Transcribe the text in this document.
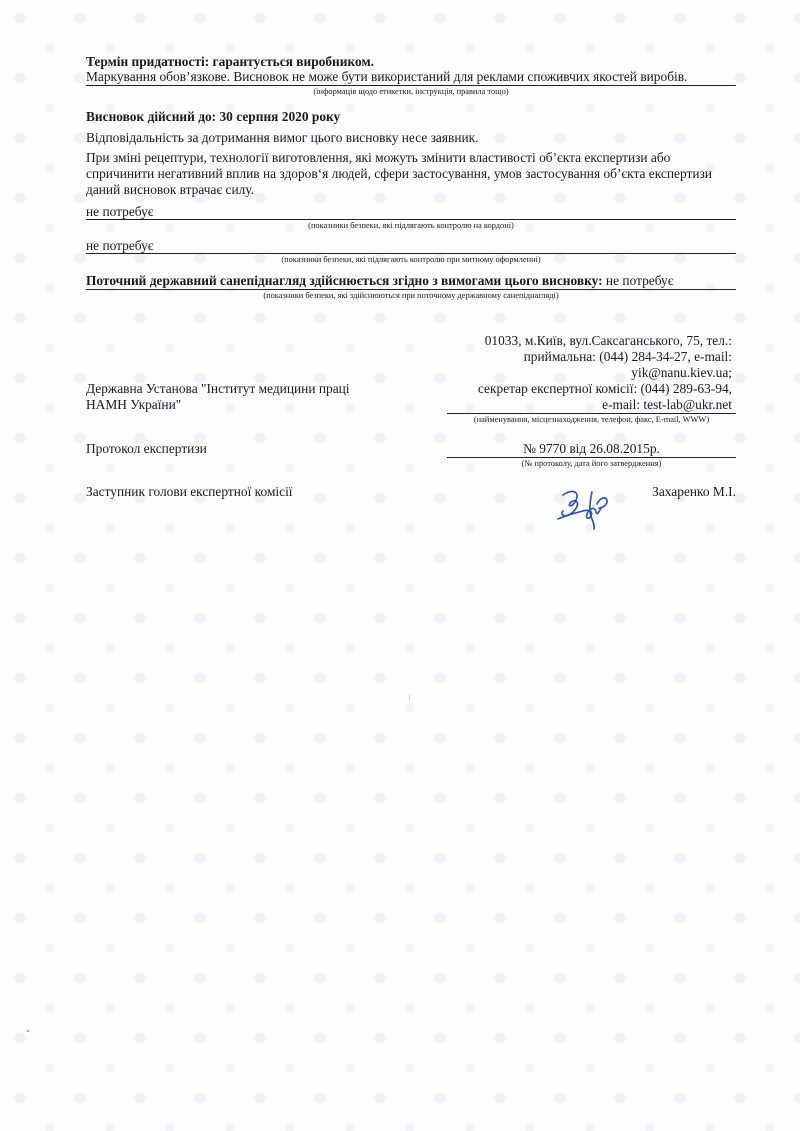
Термін придатності: гарантується виробником.
Маркування обов’язкове. Висновок не може бути використаний для реклами споживчих якостей виробів.
(інформація щодо етикетки, інструкція, правила тощо)
Висновок дійсний до: 30 серпня 2020 року
Відповідальність за дотримання вимог цього висновку несе заявник.
При зміні рецептури, технології виготовлення, які можуть змінити властивості об’єкта експертизи або
спричинити негативний вплив на здоров‘я людей, сфери застосування, умов застосування об’єкта експертизи
даний висновок втрачає силу.
не потребує
(показники безпеки, які підлягають контролю на кордоні)
не потребує
(показники безпеки, які підлягають контролю при митному оформленні)
Поточний державний санепіднагляд здійснюється згідно з вимогами цього висновку: не потребує
(показники безпеки, які здійснюються при поточному державному санепіднагляді)
Державна Установа "Інститут медицини праці
НАМН України"
01033, м.Київ, вул.Саксаганського, 75, тел.:
приймальна: (044) 284-34-27, e-mail:
yik@nanu.kiev.ua;
секретар експертної комісії: (044) 289-63-94,
e-mail: test-lab@ukr.net
(найменування, місцезнаходження, телефон, факс, E-mail, WWW)
Протокол експертизи	№ 9770 від 26.08.2015р.
(№ протоколу, дата його затвердження)
Заступник голови експертної комісії	Захаренко М.І.
